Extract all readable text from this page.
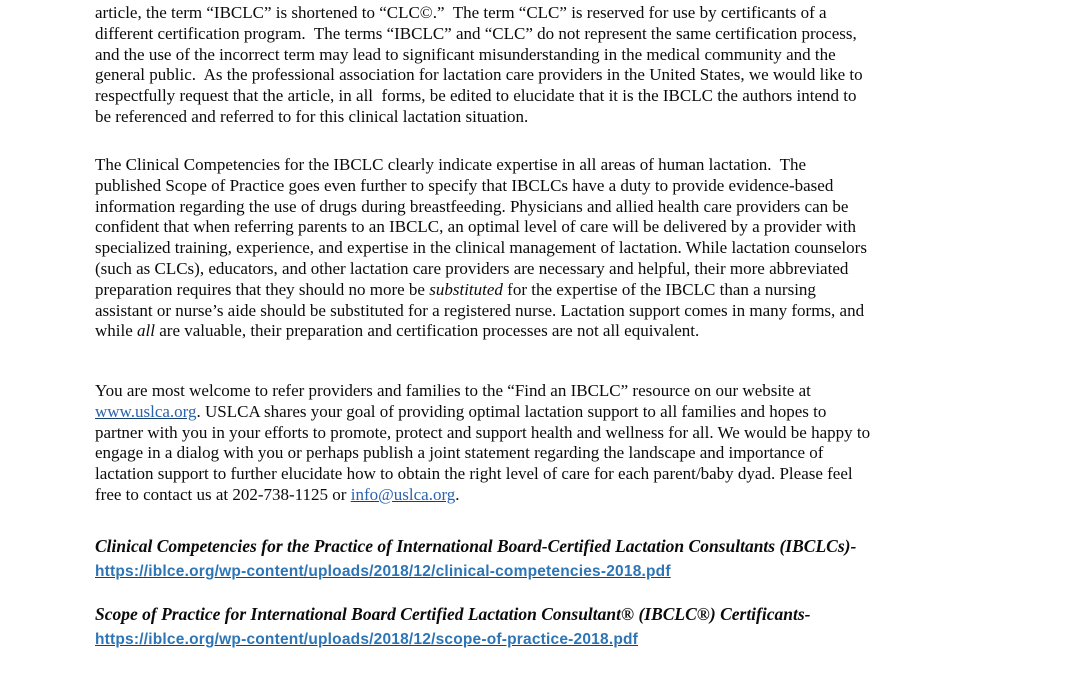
article, the term “IBCLC” is shortened to “CLC©.”  The term “CLC” is reserved for use by certificants of a
different certification program.  The terms “IBCLC” and “CLC” do not represent the same certification process,
and the use of the incorrect term may lead to significant misunderstanding in the medical community and the
general public.  As the professional association for lactation care providers in the United States, we would like to
respectfully request that the article, in all  forms, be edited to elucidate that it is the IBCLC the authors intend to
be referenced and referred to for this clinical lactation situation.
The Clinical Competencies for the IBCLC clearly indicate expertise in all areas of human lactation.  The
published Scope of Practice goes even further to specify that IBCLCs have a duty to provide evidence-based
information regarding the use of drugs during breastfeeding. Physicians and allied health care providers can be
confident that when referring parents to an IBCLC, an optimal level of care will be delivered by a provider with
specialized training, experience, and expertise in the clinical management of lactation. While lactation counselors
(such as CLCs), educators, and other lactation care providers are necessary and helpful, their more abbreviated
preparation requires that they should no more be substituted for the expertise of the IBCLC than a nursing
assistant or nurse’s aide should be substituted for a registered nurse. Lactation support comes in many forms, and
while all are valuable, their preparation and certification processes are not all equivalent.
You are most welcome to refer providers and families to the “Find an IBCLC” resource on our website at
www.uslca.org. USLCA shares your goal of providing optimal lactation support to all families and hopes to
partner with you in your efforts to promote, protect and support health and wellness for all. We would be happy to
engage in a dialog with you or perhaps publish a joint statement regarding the landscape and importance of
lactation support to further elucidate how to obtain the right level of care for each parent/baby dyad. Please feel
free to contact us at 202-738-1125 or info@uslca.org.
Clinical Competencies for the Practice of International Board-Certified Lactation Consultants (IBCLCs)-
https://iblce.org/wp-content/uploads/2018/12/clinical-competencies-2018.pdf
Scope of Practice for International Board Certified Lactation Consultant® (IBCLC®) Certificants-
https://iblce.org/wp-content/uploads/2018/12/scope-of-practice-2018.pdf
